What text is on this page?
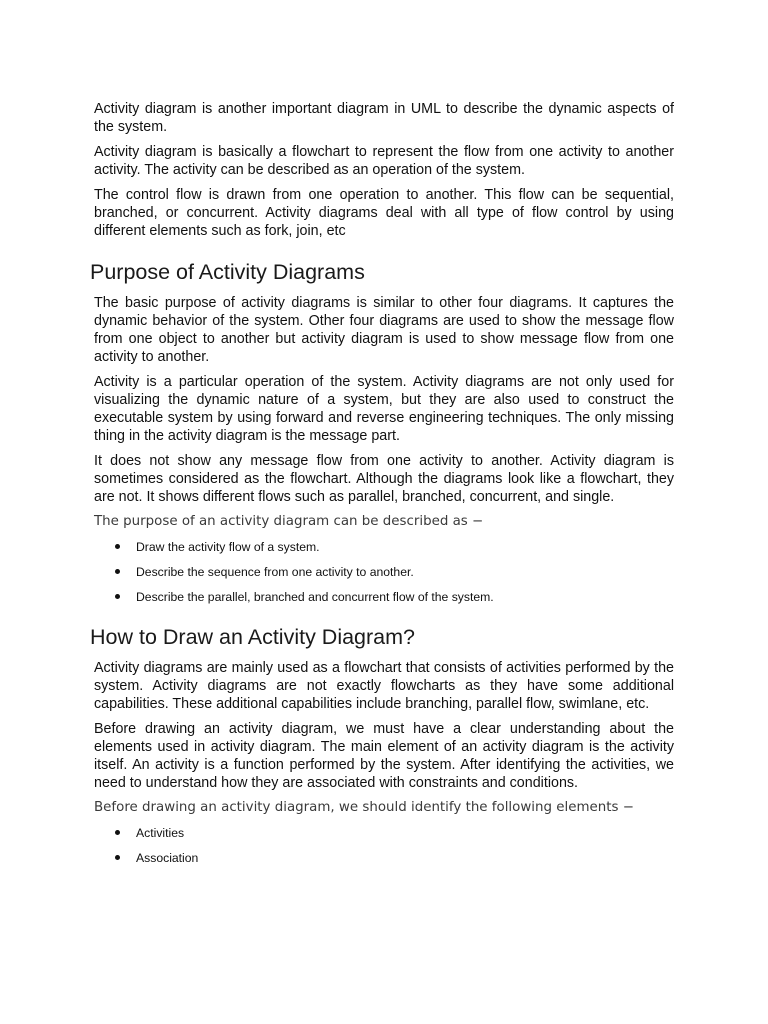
Activity diagram is another important diagram in UML to describe the dynamic aspects of the system.

Activity diagram is basically a flowchart to represent the flow from one activity to another activity. The activity can be described as an operation of the system.

The control flow is drawn from one operation to another. This flow can be sequential, branched, or concurrent. Activity diagrams deal with all type of flow control by using different elements such as fork, join, etc

Purpose of Activity Diagrams

The basic purpose of activity diagrams is similar to other four diagrams. It captures the dynamic behavior of the system. Other four diagrams are used to show the message flow from one object to another but activity diagram is used to show message flow from one activity to another.

Activity is a particular operation of the system. Activity diagrams are not only used for visualizing the dynamic nature of a system, but they are also used to construct the executable system by using forward and reverse engineering techniques. The only missing thing in the activity diagram is the message part.

It does not show any message flow from one activity to another. Activity diagram is sometimes considered as the flowchart. Although the diagrams look like a flowchart, they are not. It shows different flows such as parallel, branched, concurrent, and single.

The purpose of an activity diagram can be described as −

Draw the activity flow of a system.
Describe the sequence from one activity to another.
Describe the parallel, branched and concurrent flow of the system.
How to Draw an Activity Diagram?

Activity diagrams are mainly used as a flowchart that consists of activities performed by the system. Activity diagrams are not exactly flowcharts as they have some additional capabilities. These additional capabilities include branching, parallel flow, swimlane, etc.

Before drawing an activity diagram, we must have a clear understanding about the elements used in activity diagram. The main element of an activity diagram is the activity itself. An activity is a function performed by the system. After identifying the activities, we need to understand how they are associated with constraints and conditions.

Before drawing an activity diagram, we should identify the following elements −

Activities
Association
